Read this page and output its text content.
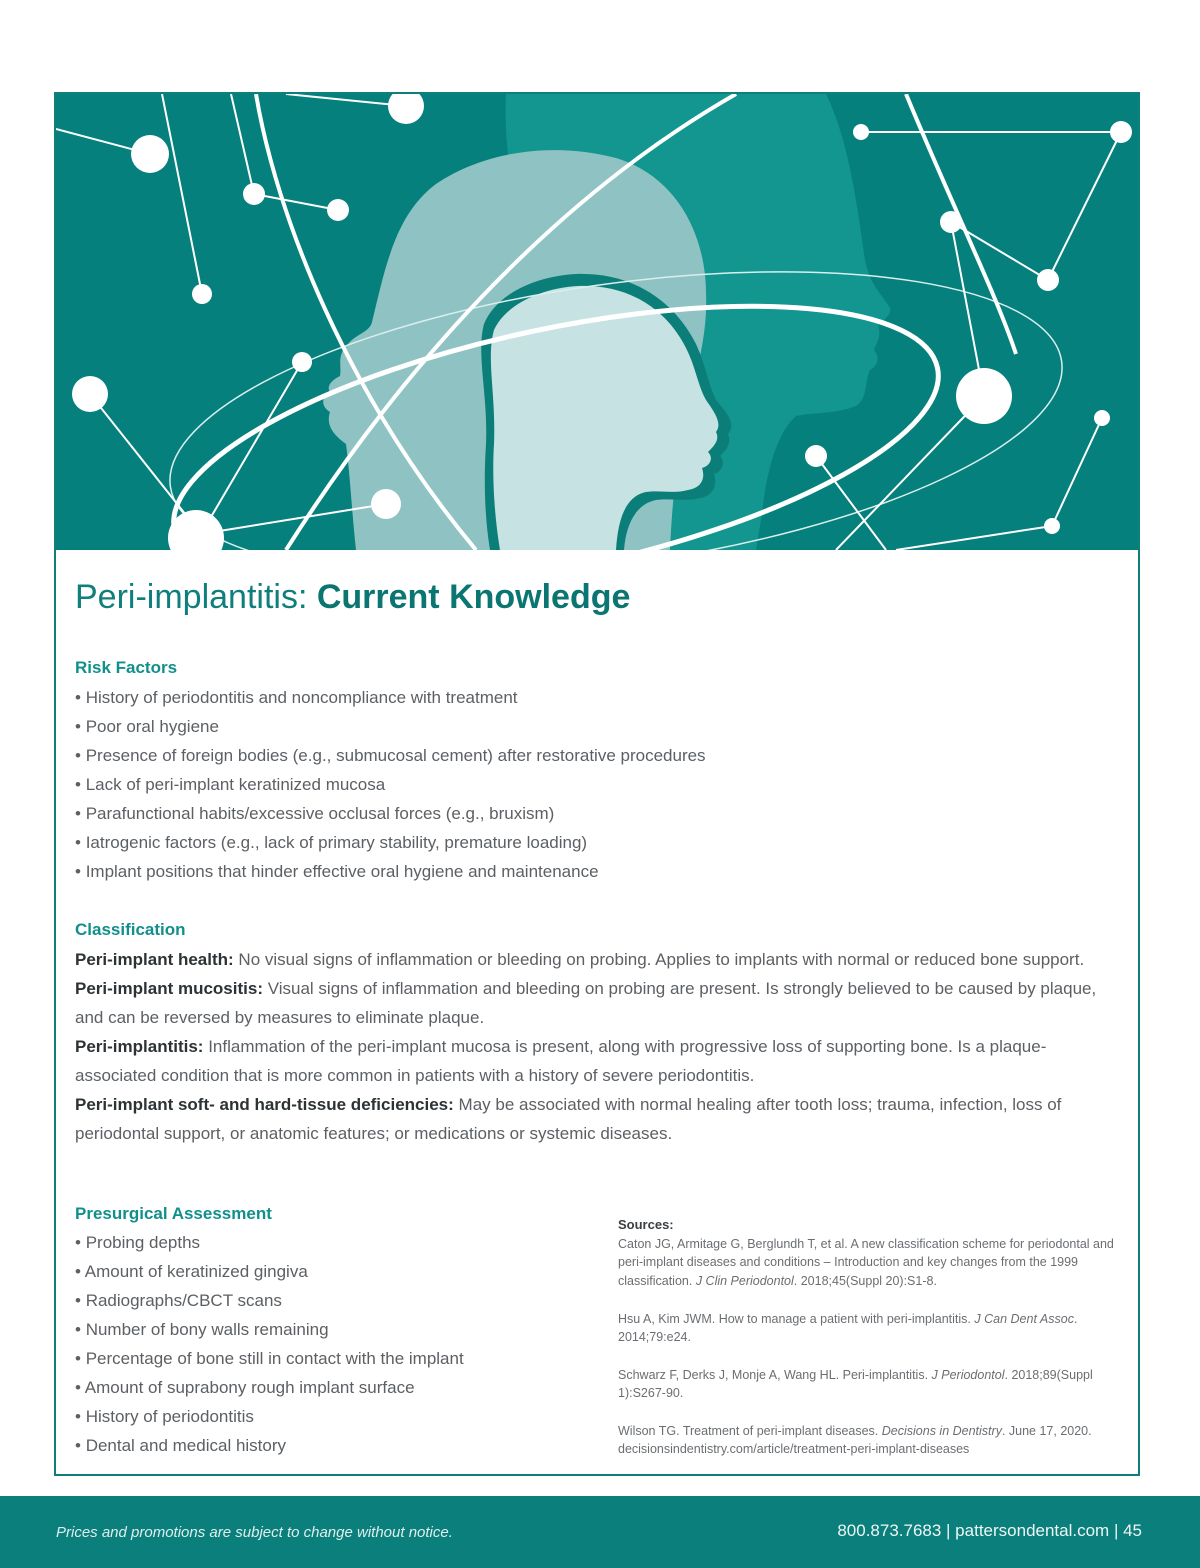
Peri-implantitis: Current Knowledge
Risk Factors
• History of periodontitis and noncompliance with treatment
• Poor oral hygiene
• Presence of foreign bodies (e.g., submucosal cement) after restorative procedures
• Lack of peri-implant keratinized mucosa
• Parafunctional habits/excessive occlusal forces (e.g., bruxism)
• Iatrogenic factors (e.g., lack of primary stability, premature loading)
• Implant positions that hinder effective oral hygiene and maintenance
Classification

Peri-implant health: No visual signs of inflammation or bleeding on probing. Applies to implants with normal or reduced bone support.

Peri-implant mucositis: Visual signs of inflammation and bleeding on probing are present. Is strongly believed to be caused by plaque, and can be reversed by measures to eliminate plaque.

Peri-implantitis: Inflammation of the peri-implant mucosa is present, along with progressive loss of supporting bone. Is a plaque-associated condition that is more common in patients with a history of severe periodontitis.

Peri-implant soft- and hard-tissue deficiencies: May be associated with normal healing after tooth loss; trauma, infection, loss of periodontal support, or anatomic features; or medications or systemic diseases.

Presurgical Assessment
• Probing depths
• Amount of keratinized gingiva
• Radiographs/CBCT scans
• Number of bony walls remaining
• Percentage of bone still in contact with the implant
• Amount of suprabony rough implant surface
• History of periodontitis
• Dental and medical history

Sources:

Caton JG, Armitage G, Berglundh T, et al. A new classification scheme for periodontal and peri-implant diseases and conditions – Introduction and key changes from the 1999 classification. J Clin Periodontol. 2018;45(Suppl 20):S1-8.

Hsu A, Kim JWM. How to manage a patient with peri-implantitis. J Can Dent Assoc. 2014;79:e24.

Schwarz F, Derks J, Monje A, Wang HL. Peri-implantitis. J Periodontol. 2018;89(Suppl 1):S267-90.

Wilson TG. Treatment of peri-implant diseases. Decisions in Dentistry. June 17, 2020. decisionsindentistry.com/article/treatment-peri-implant-diseases

Prices and promotions are subject to change without notice.	800.873.7683 | pattersondental.com | 45
